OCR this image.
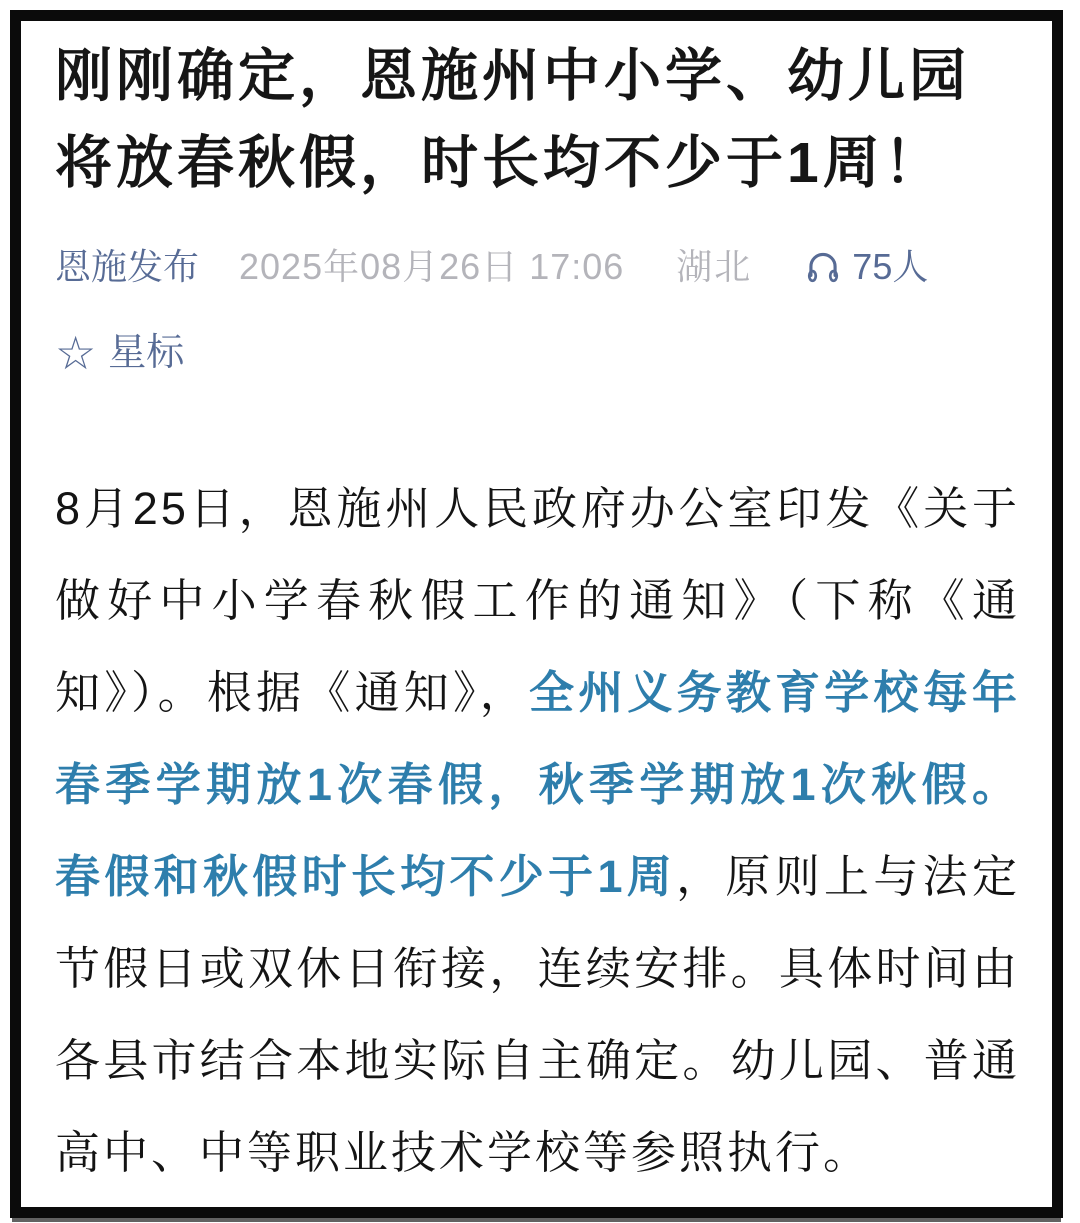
刚刚确定，恩施州中小学、幼儿园
将放春秋假，时长均不少于1周！
恩施发布 2025年08月26日 17:06 湖北	75人
☆ 星标
8月25日，恩施州人民政府办公室印发《关于做好中小学春秋假工作的通知》（下称《通知》）。根据《通知》，全州义务教育学校每年春季学期放1次春假，秋季学期放1次秋假。春假和秋假时长均不少于1周，原则上与法定节假日或双休日衔接，连续安排。具体时间由各县市结合本地实际自主确定。幼儿园、普通高中、中等职业技术学校等参照执行。
